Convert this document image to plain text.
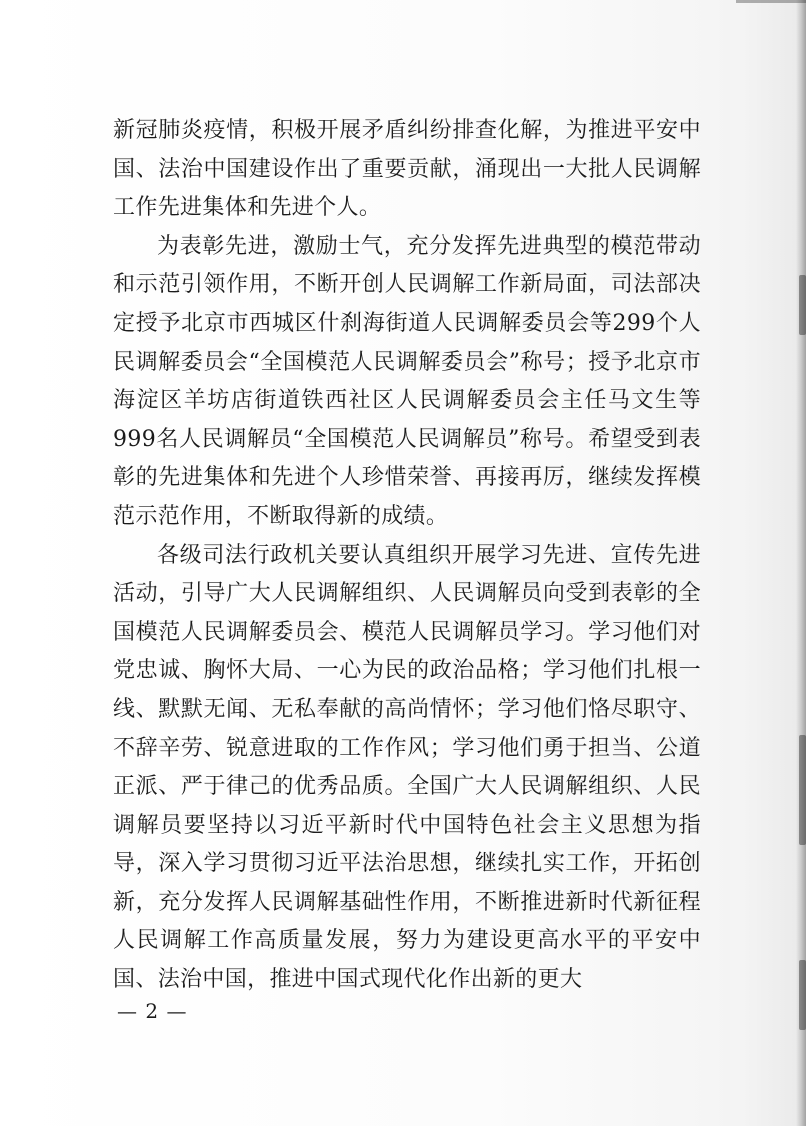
新冠肺炎疫情，积极开展矛盾纠纷排查化解，为推进平安中国、法治中国建设作出了重要贡献，涌现出一大批人民调解工作先进集体和先进个人。

为表彰先进，激励士气，充分发挥先进典型的模范带动和示范引领作用，不断开创人民调解工作新局面，司法部决定授予北京市西城区什刹海街道人民调解委员会等299个人民调解委员会“全国模范人民调解委员会”称号；授予北京市海淀区羊坊店街道铁西社区人民调解委员会主任马文生等999名人民调解员“全国模范人民调解员”称号。希望受到表彰的先进集体和先进个人珍惜荣誉、再接再厉，继续发挥模范示范作用，不断取得新的成绩。

各级司法行政机关要认真组织开展学习先进、宣传先进活动，引导广大人民调解组织、人民调解员向受到表彰的全国模范人民调解委员会、模范人民调解员学习。学习他们对党忠诚、胸怀大局、一心为民的政治品格；学习他们扎根一线、默默无闻、无私奉献的高尚情怀；学习他们恪尽职守、不辞辛劳、锐意进取的工作作风；学习他们勇于担当、公道正派、严于律己的优秀品质。全国广大人民调解组织、人民调解员要坚持以习近平新时代中国特色社会主义思想为指导，深入学习贯彻习近平法治思想，继续扎实工作，开拓创新，充分发挥人民调解基础性作用，不断推进新时代新征程人民调解工作高质量发展，努力为建设更高水平的平安中国、法治中国，推进中国式现代化作出新的更大

— 2 —
